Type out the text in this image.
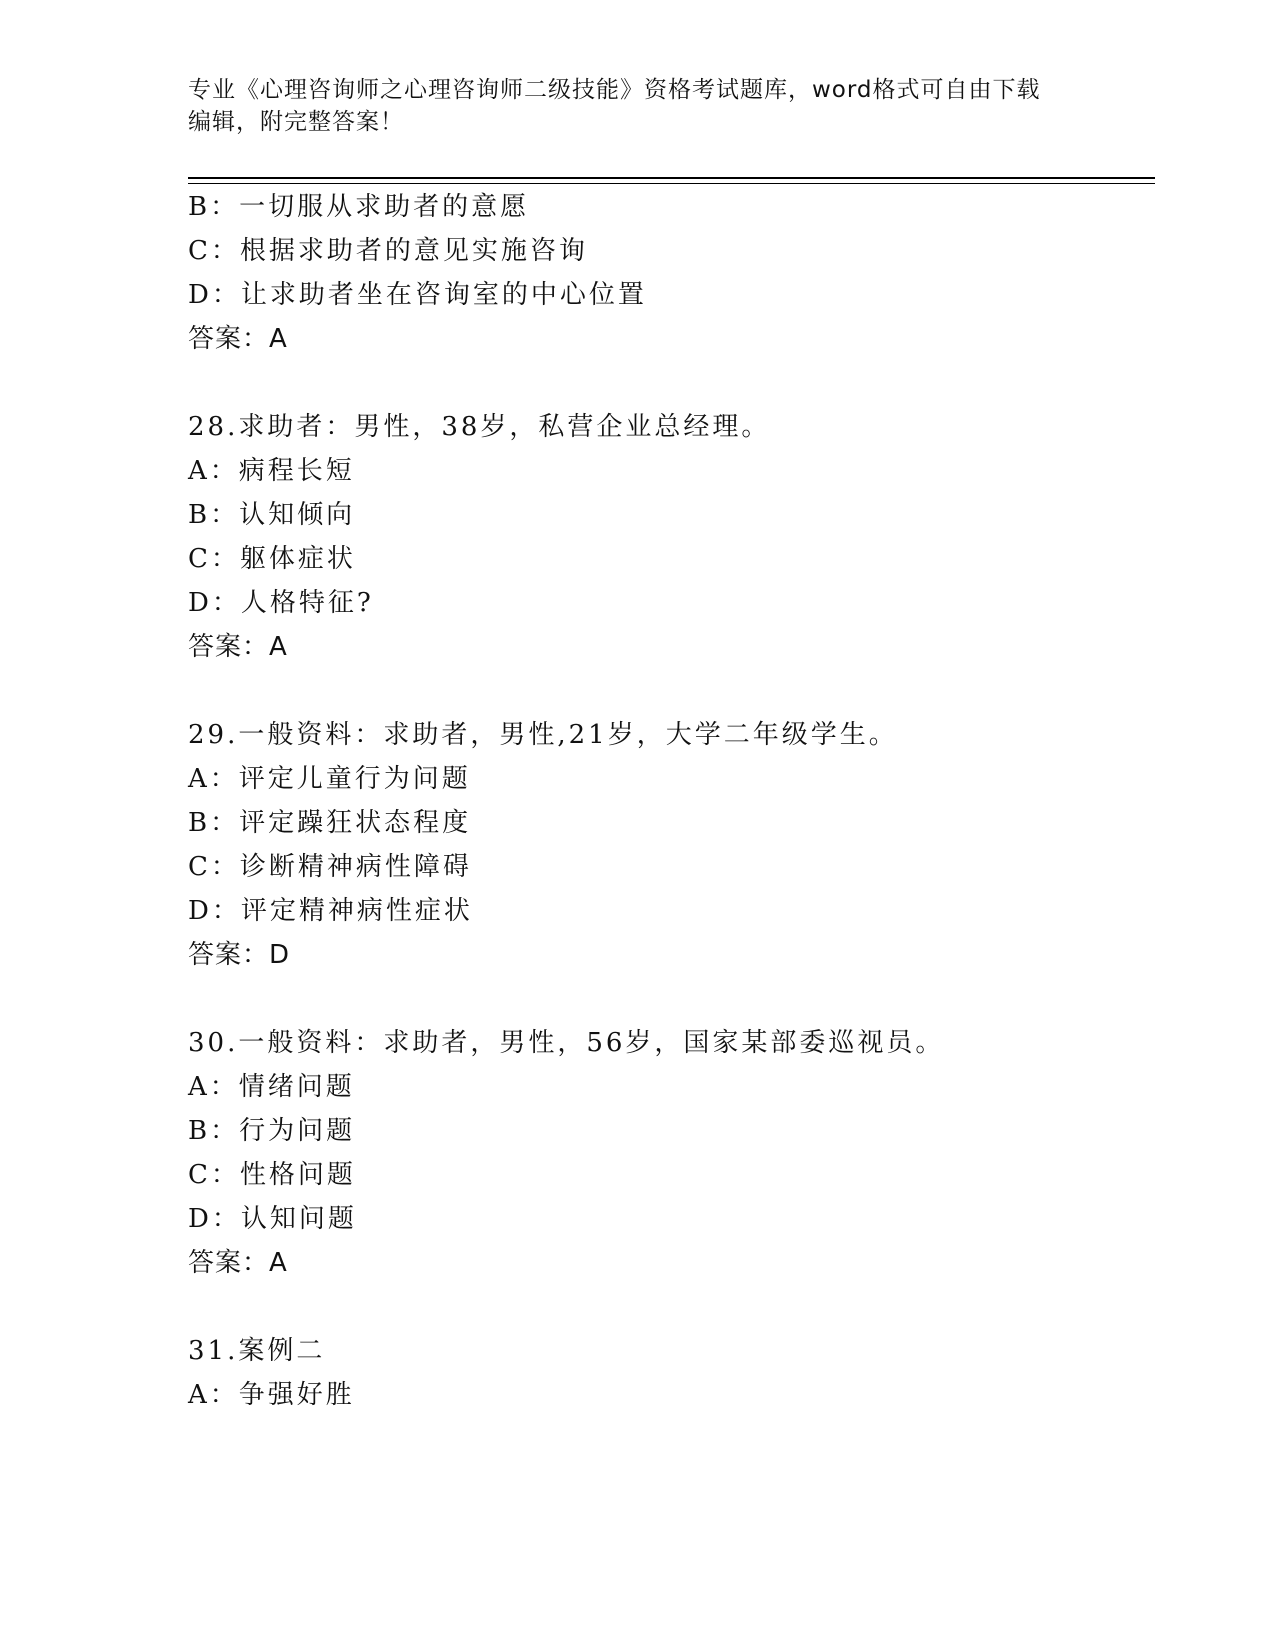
专业《心理咨询师之心理咨询师二级技能》资格考试题库，word格式可自由下载
编辑，附完整答案！
B：一切服从求助者的意愿
C：根据求助者的意见实施咨询
D：让求助者坐在咨询室的中心位置
答案：A
28.求助者：男性，38岁，私营企业总经理。
A：病程长短
B：认知倾向
C：躯体症状
D：人格特征?
答案：A
29.一般资料：求助者，男性,21岁，大学二年级学生。
A：评定儿童行为问题
B：评定躁狂状态程度
C：诊断精神病性障碍
D：评定精神病性症状
答案：D
30.一般资料：求助者，男性，56岁，国家某部委巡视员。
A：情绪问题
B：行为问题
C：性格问题
D：认知问题
答案：A
31.案例二
A：争强好胜
